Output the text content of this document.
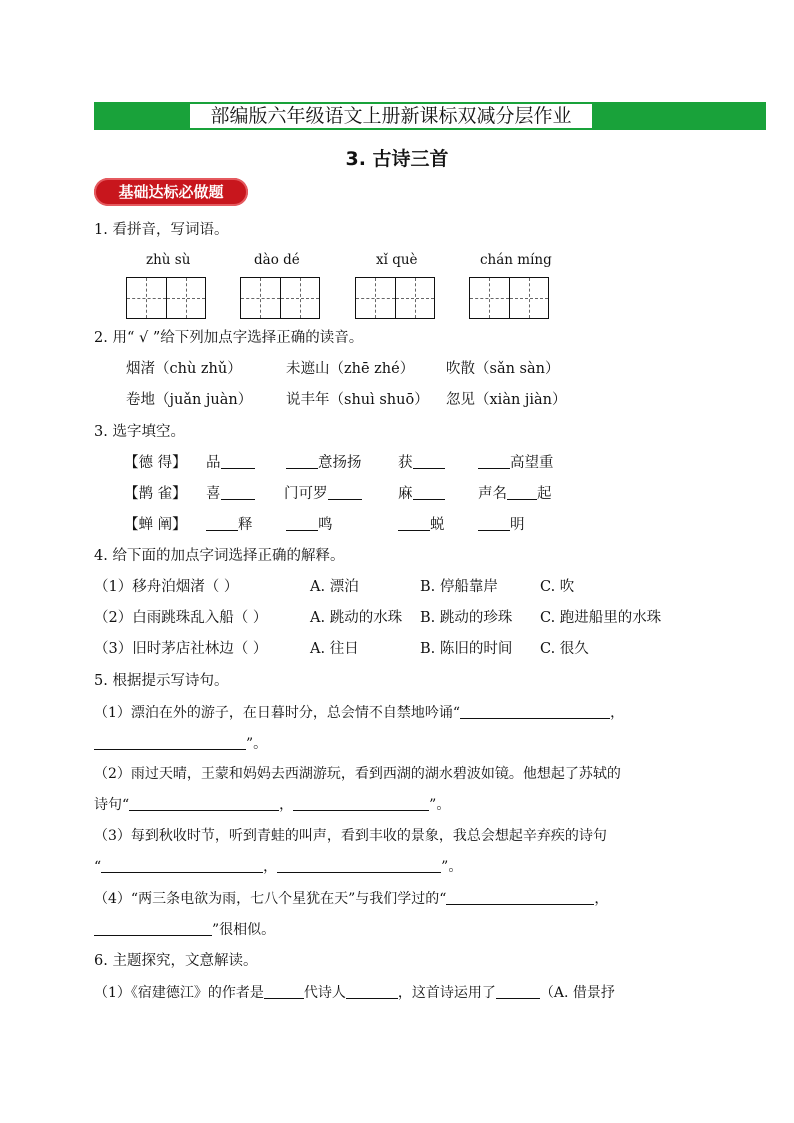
部编版六年级语文上册新课标双减分层作业
3. 古诗三首
基础达标必做题
1. 看拼音，写词语。
zhù sù	dào dé	xǐ què	chán míng
2. 用“ √ ”给下列加点字选择正确的读音。
烟渚（chù zhǔ）	未遮山（zhē zhé） 吹散（sǎn sàn）
卷地（juǎn juàn） 说丰年（shuì shuō） 忽见（xiàn jiàn）
3. 选字填空。
【德 得】 品	意扬扬	获	高望重
【鹊 雀】 喜	门可罗	麻	声名 起
【蝉 阐】	释	鸣	蜕	明
4. 给下面的加点字词选择正确的解释。
（1）移舟泊烟渚（ ）	A. 漂泊	B. 停船靠岸	C. 吹
（2）白雨跳珠乱入船（ ）	A. 跳动的水珠 B. 跳动的珍珠 C. 跑进船里的水珠
（3）旧时茅店社林边（ ）	A. 往日	B. 陈旧的时间 C. 很久
5. 根据提示写诗句。
（1）漂泊在外的游子，在日暮时分，总会情不自禁地吟诵“	，
”。
（2）雨过天晴，王蒙和妈妈去西湖游玩，看到西湖的湖水碧波如镜。他想起了苏轼的
诗句“	，	”。
（3）每到秋收时节，听到青蛙的叫声，看到丰收的景象，我总会想起辛弃疾的诗句
“	，	”。
（4）“两三条电欲为雨，七八个星犹在天”与我们学过的“	，
”很相似。
6. 主题探究，文意解读。
（1）《宿建德江》的作者是	代诗人	，这首诗运用了	（A. 借景抒
